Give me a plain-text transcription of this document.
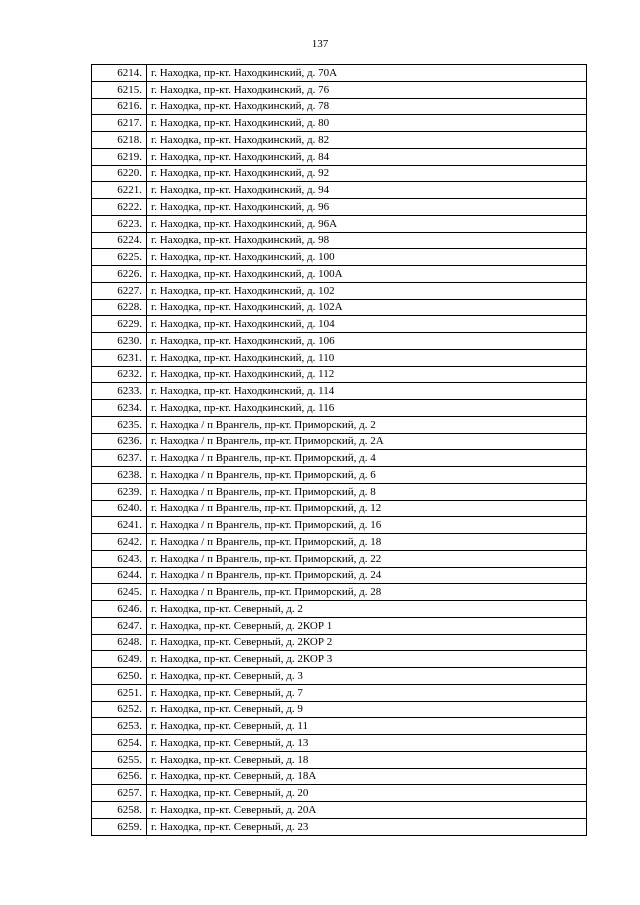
137
6214.	г. Находка, пр-кт. Находкинский, д. 70А
6215.	г. Находка, пр-кт. Находкинский, д. 76
6216.	г. Находка, пр-кт. Находкинский, д. 78
6217.	г. Находка, пр-кт. Находкинский, д. 80
6218.	г. Находка, пр-кт. Находкинский, д. 82
6219.	г. Находка, пр-кт. Находкинский, д. 84
6220.	г. Находка, пр-кт. Находкинский, д. 92
6221.	г. Находка, пр-кт. Находкинский, д. 94
6222.	г. Находка, пр-кт. Находкинский, д. 96
6223.	г. Находка, пр-кт. Находкинский, д. 96А
6224.	г. Находка, пр-кт. Находкинский, д. 98
6225.	г. Находка, пр-кт. Находкинский, д. 100
6226.	г. Находка, пр-кт. Находкинский, д. 100А
6227.	г. Находка, пр-кт. Находкинский, д. 102
6228.	г. Находка, пр-кт. Находкинский, д. 102А
6229.	г. Находка, пр-кт. Находкинский, д. 104
6230.	г. Находка, пр-кт. Находкинский, д. 106
6231.	г. Находка, пр-кт. Находкинский, д. 110
6232.	г. Находка, пр-кт. Находкинский, д. 112
6233.	г. Находка, пр-кт. Находкинский, д. 114
6234.	г. Находка, пр-кт. Находкинский, д. 116
6235.	г. Находка / п Врангель, пр-кт. Приморский, д. 2
6236.	г. Находка / п Врангель, пр-кт. Приморский, д. 2А
6237.	г. Находка / п Врангель, пр-кт. Приморский, д. 4
6238.	г. Находка / п Врангель, пр-кт. Приморский, д. 6
6239.	г. Находка / п Врангель, пр-кт. Приморский, д. 8
6240.	г. Находка / п Врангель, пр-кт. Приморский, д. 12
6241.	г. Находка / п Врангель, пр-кт. Приморский, д. 16
6242.	г. Находка / п Врангель, пр-кт. Приморский, д. 18
6243.	г. Находка / п Врангель, пр-кт. Приморский, д. 22
6244.	г. Находка / п Врангель, пр-кт. Приморский, д. 24
6245.	г. Находка / п Врангель, пр-кт. Приморский, д. 28
6246.	г. Находка, пр-кт. Северный, д. 2
6247.	г. Находка, пр-кт. Северный, д. 2КОР 1
6248.	г. Находка, пр-кт. Северный, д. 2КОР 2
6249.	г. Находка, пр-кт. Северный, д. 2КОР 3
6250.	г. Находка, пр-кт. Северный, д. 3
6251.	г. Находка, пр-кт. Северный, д. 7
6252.	г. Находка, пр-кт. Северный, д. 9
6253.	г. Находка, пр-кт. Северный, д. 11
6254.	г. Находка, пр-кт. Северный, д. 13
6255.	г. Находка, пр-кт. Северный, д. 18
6256.	г. Находка, пр-кт. Северный, д. 18А
6257.	г. Находка, пр-кт. Северный, д. 20
6258.	г. Находка, пр-кт. Северный, д. 20А
6259.	г. Находка, пр-кт. Северный, д. 23
